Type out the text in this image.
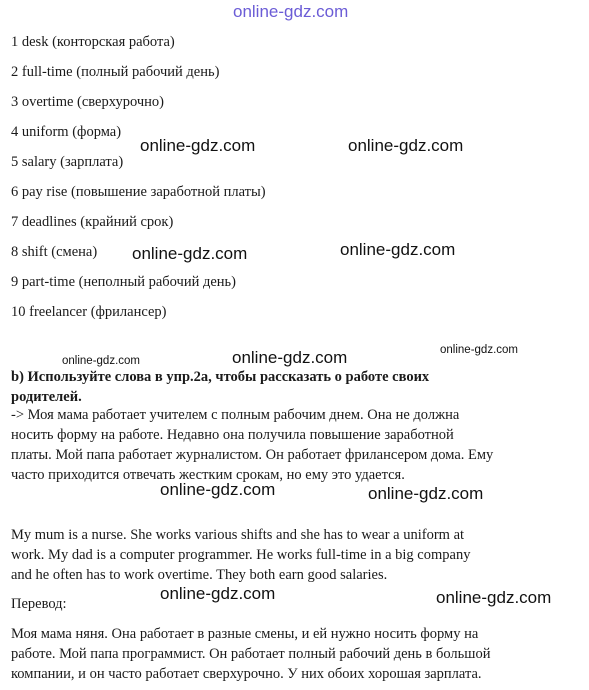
online-gdz.com
online-gdz.com	online-gdz.com
online-gdz.com	online-gdz.com
online-gdz.com	online-gdz.com	online-gdz.com
online-gdz.com	online-gdz.com
online-gdz.com	online-gdz.com
1 desk (конторская работа)
2 full-time (полный рабочий день)
3 overtime (сверхурочно)
4 uniform (форма)
5 salary (зарплата)
6 pay rise (повышение заработной платы)
7 deadlines (крайний срок)
8 shift (смена)
9 part-time (неполный рабочий день)
10 freelancer (фрилансер)
b) Используйте слова в упр.2а, чтобы рассказать о работе своих
родителей.
-> Моя мама работает учителем с полным рабочим днем. Она не должна
носить форму на работе. Недавно она получила повышение заработной
платы. Мой папа работает журналистом. Он работает фрилансером дома. Ему
часто приходится отвечать жестким срокам, но ему это удается.
My mum is a nurse. She works various shifts and she has to wear a uniform at
work. My dad is a computer programmer. He works full-time in a big company
and he often has to work overtime. They both earn good salaries.
Перевод:
Моя мама няня. Она работает в разные смены, и ей нужно носить форму на
работе. Мой папа программист. Он работает полный рабочий день в большой
компании, и он часто работает сверхурочно. У них обоих хорошая зарплата.
